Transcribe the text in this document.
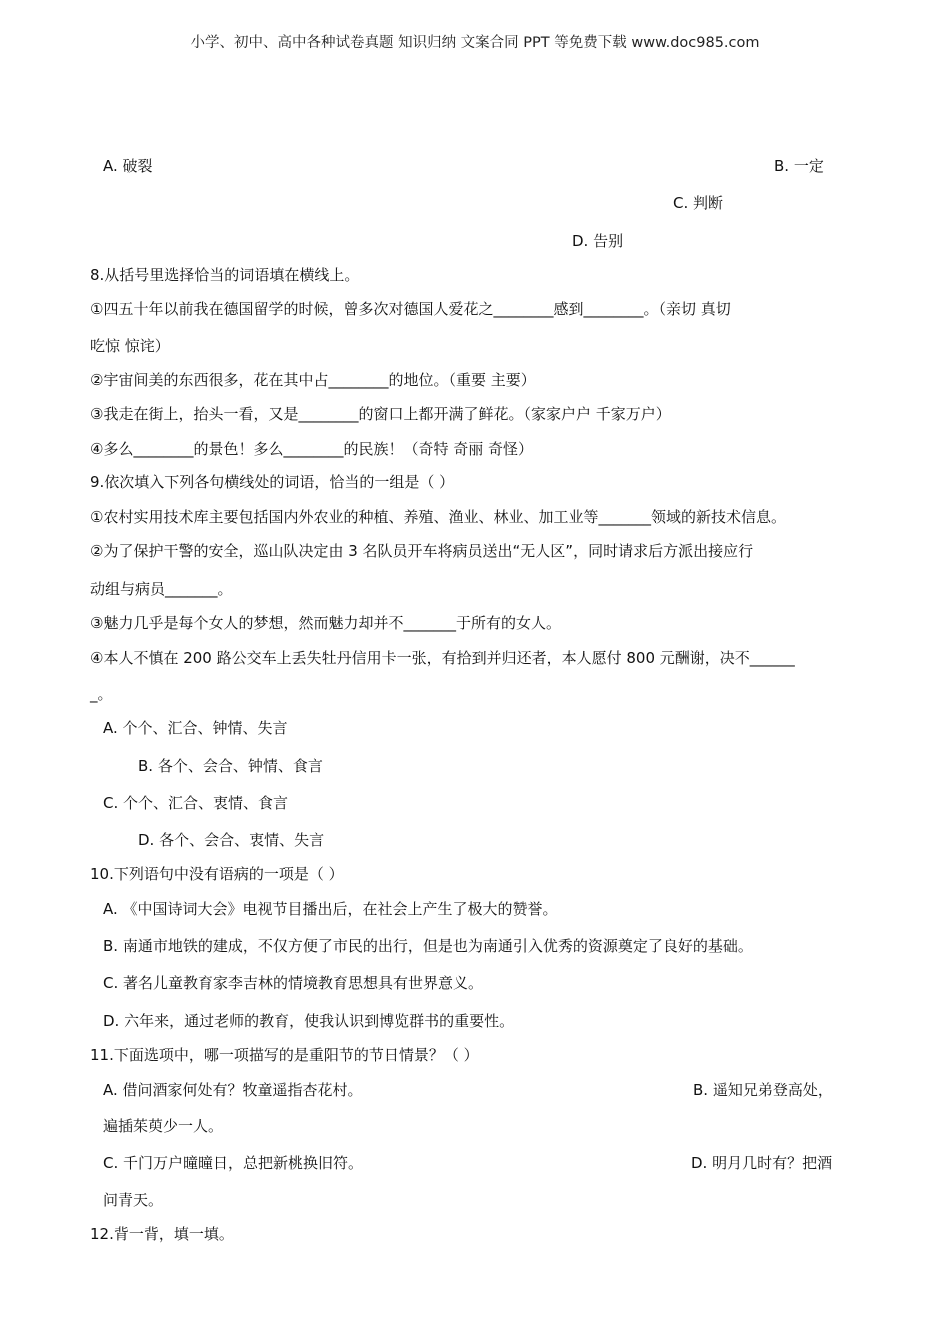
小学、初中、高中各种试卷真题 知识归纳 文案合同 PPT 等免费下载 www.doc985.com
A. 破裂	B. 一定
C. 判断
D. 告别
8.从括号里选择恰当的词语填在横线上。
①四五十年以前我在德国留学的时候，曾多次对德国人爱花之________感到________。（亲切 真切
吃惊 惊诧）
②宇宙间美的东西很多，花在其中占________的地位。（重要 主要）
③我走在街上，抬头一看，又是________的窗口上都开满了鲜花。（家家户户 千家万户）
④多么________的景色！多么________的民族！（奇特 奇丽 奇怪）
9.依次填入下列各句横线处的词语，恰当的一组是（ ）
①农村实用技术库主要包括国内外农业的种植、养殖、渔业、林业、加工业等_______领域的新技术信息。
②为了保护干警的安全，巡山队决定由 3 名队员开车将病员送出“无人区”，同时请求后方派出接应行
动组与病员_______。
③魅力几乎是每个女人的梦想，然而魅力却并不_______于所有的女人。
④本人不慎在 200 路公交车上丢失牡丹信用卡一张，有拾到并归还者，本人愿付 800 元酬谢，决不______
_。
A. 个个、汇合、钟情、失言
B. 各个、会合、钟情、食言
C. 个个、汇合、衷情、食言
D. 各个、会合、衷情、失言
10.下列语句中没有语病的一项是（ ）
A. 《中国诗词大会》电视节目播出后，在社会上产生了极大的赞誉。
B. 南通市地铁的建成，不仅方便了市民的出行，但是也为南通引入优秀的资源奠定了良好的基础。
C. 著名儿童教育家李吉林的情境教育思想具有世界意义。
D. 六年来，通过老师的教育，使我认识到博览群书的重要性。
11.下面选项中，哪一项描写的是重阳节的节日情景？（ ）
A. 借问酒家何处有？牧童遥指杏花村。	B. 遥知兄弟登高处，
遍插茱萸少一人。
C. 千门万户曈曈日，总把新桃换旧符。	D. 明月几时有？把酒
问青天。
12.背一背，填一填。
